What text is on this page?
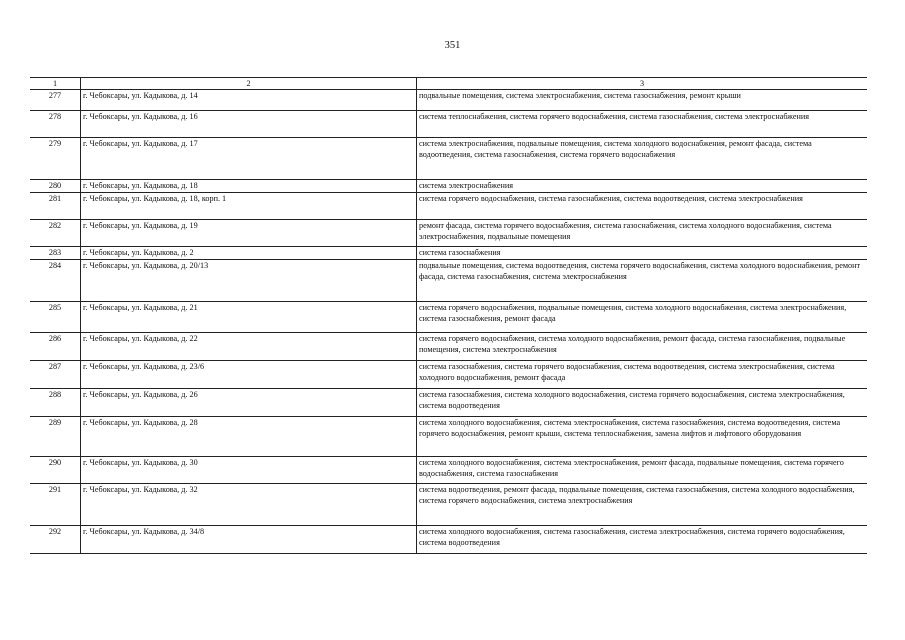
351
1	2	3
277	г. Чебоксары, ул. Кадыкова, д. 14	подвальные помещения, система электроснабжения, система газоснабжения, ремонт крыши
278	г. Чебоксары, ул. Кадыкова, д. 16	система теплоснабжения, система горячего водоснабжения, система газоснабжения, система электроснабжения
279	г. Чебоксары, ул. Кадыкова, д. 17	система электроснабжения, подвальные помещения, система холодного водоснабжения, ремонт фасада, система водоотведения, система газоснабжения, система горячего водоснабжения
280	г. Чебоксары, ул. Кадыкова, д. 18	система электроснабжения
281	г. Чебоксары, ул. Кадыкова, д. 18, корп. 1	система горячего водоснабжения, система газоснабжения, система водоотведения, система электроснабжения
282	г. Чебоксары, ул. Кадыкова, д. 19	ремонт фасада, система горячего водоснабжения, система газоснабжения, система холодного водоснабжения, система электроснабжения, подвальные помещения
283	г. Чебоксары, ул. Кадыкова, д. 2	система газоснабжения
284	г. Чебоксары, ул. Кадыкова, д. 20/13	подвальные помещения, система водоотведения, система горячего водоснабжения, система холодного водоснабжения, ремонт фасада, система газоснабжения, система электроснабжения
285	г. Чебоксары, ул. Кадыкова, д. 21	система горячего водоснабжения, подвальные помещения, система холодного водоснабжения, система электроснабжения, система газоснабжения, ремонт фасада
286	г. Чебоксары, ул. Кадыкова, д. 22	система горячего водоснабжения, система холодного водоснабжения, ремонт фасада, система газоснабжения, подвальные помещения, система электроснабжения
287	г. Чебоксары, ул. Кадыкова, д. 23/6	система газоснабжения, система горячего водоснабжения, система водоотведения, система электроснабжения, система холодного водоснабжения, ремонт фасада
288	г. Чебоксары, ул. Кадыкова, д. 26	система газоснабжения, система холодного водоснабжения, система горячего водоснабжения, система электроснабжения, система водоотведения
289	г. Чебоксары, ул. Кадыкова, д. 28	система холодного водоснабжения, система электроснабжения, система газоснабжения, система водоотведения, система горячего водоснабжения, ремонт крыши, система теплоснабжения, замена лифтов и лифтового оборудования
290	г. Чебоксары, ул. Кадыкова, д. 30	система холодного водоснабжения, система электроснабжения, ремонт фасада, подвальные помещения, система горячего водоснабжения, система газоснабжения
291	г. Чебоксары, ул. Кадыкова, д. 32	система водоотведения, ремонт фасада, подвальные помещения, система газоснабжения, система холодного водоснабжения, система горячего водоснабжения, система электроснабжения
292	г. Чебоксары, ул. Кадыкова, д. 34/8	система холодного водоснабжения, система газоснабжения, система электроснабжения, система горячего водоснабжения, система водоотведения
